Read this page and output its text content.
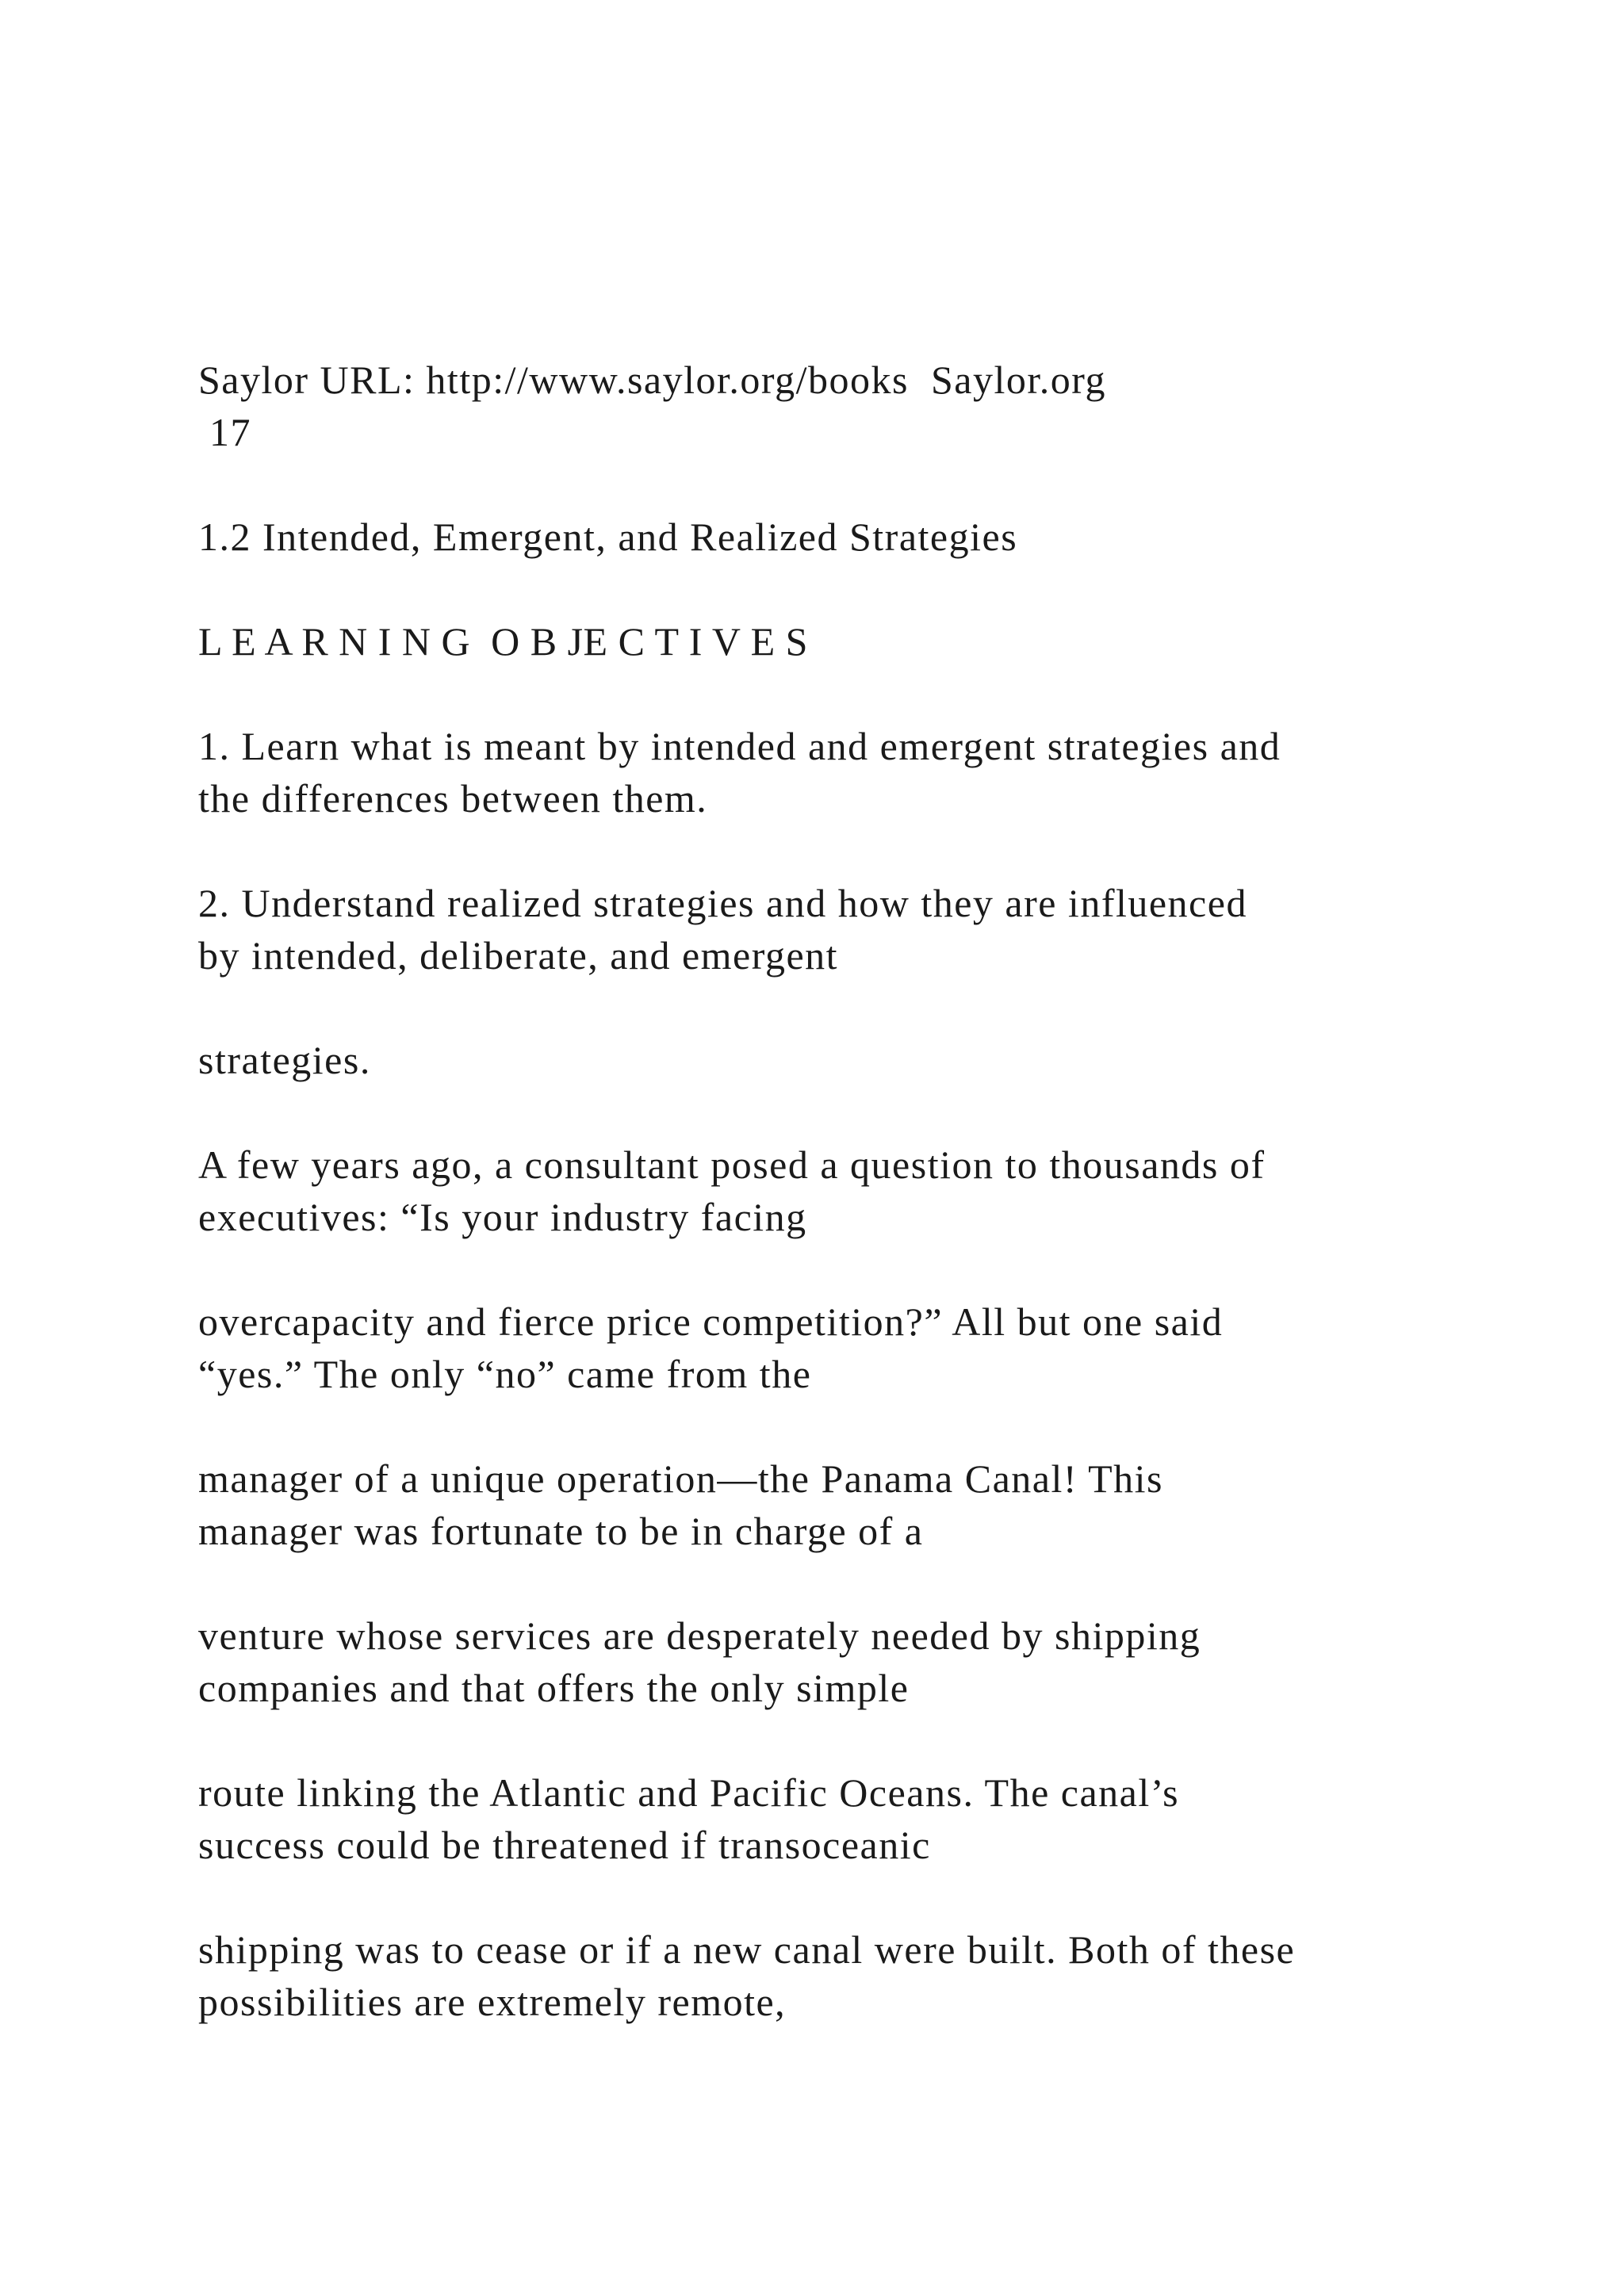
Saylor URL: http://www.saylor.org/books  Saylor.org
17
1.2 Intended, Emergent, and Realized Strategies
L E A R N I N G  O B JE C T I V E S
1. Learn what is meant by intended and emergent strategies and
the differences between them.
2. Understand realized strategies and how they are influenced
by intended, deliberate, and emergent
strategies.
A few years ago, a consultant posed a question to thousands of
executives: “Is your industry facing
overcapacity and fierce price competition?” All but one said
“yes.” The only “no” came from the
manager of a unique operation—the Panama Canal! This
manager was fortunate to be in charge of a
venture whose services are desperately needed by shipping
companies and that offers the only simple
route linking the Atlantic and Pacific Oceans. The canal’s
success could be threatened if transoceanic
shipping was to cease or if a new canal were built. Both of these
possibilities are extremely remote,
